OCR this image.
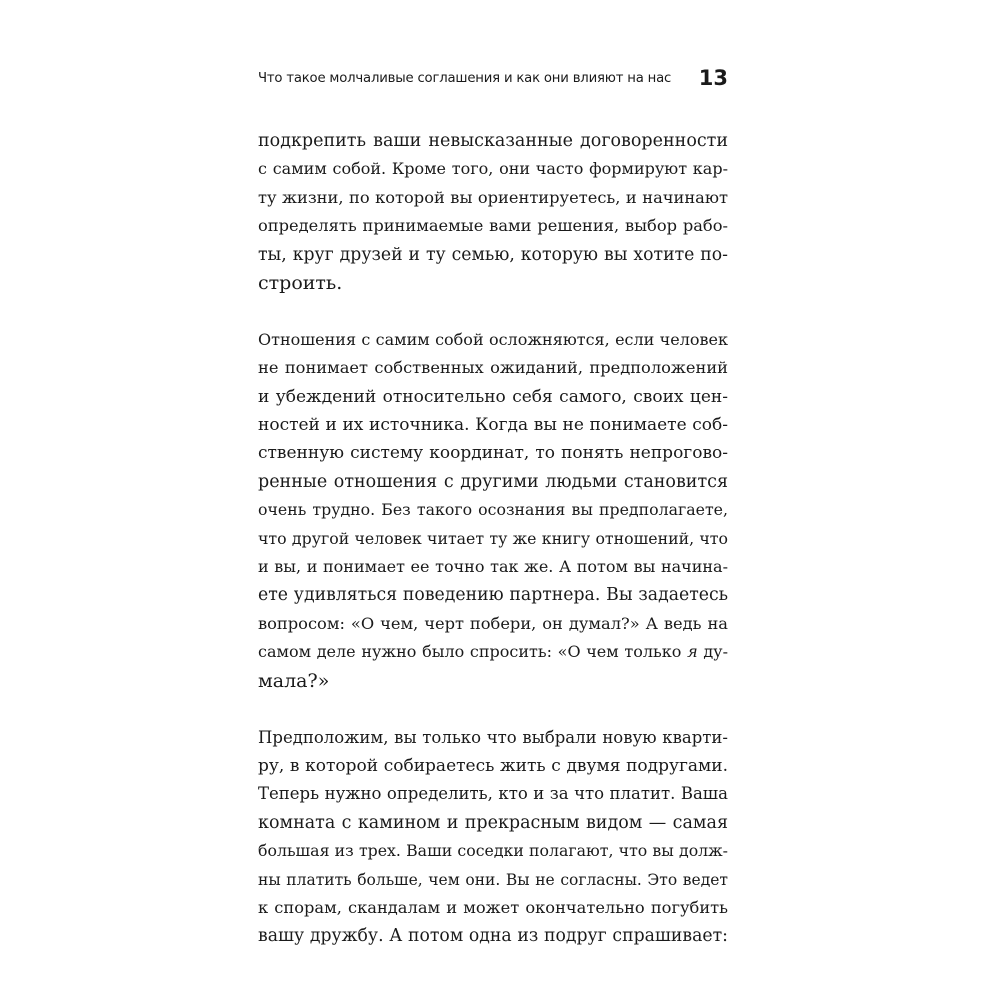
Что такое молчаливые соглашения и как они влияют на нас 13

подкрепить ваши невысказанные договоренности
с самим собой. Кроме того, они часто формируют кар-
ту жизни, по которой вы ориентируетесь, и начинают
определять принимаемые вами решения, выбор рабо-
ты, круг друзей и ту семью, которую вы хотите по-
строить.

Отношения с самим собой осложняются, если человек
не понимает собственных ожиданий, предположений
и убеждений относительно себя самого, своих цен-
ностей и их источника. Когда вы не понимаете соб-
ственную систему координат, то понять непрогово-
ренные отношения с другими людьми становится
очень трудно. Без такого осознания вы предполагаете,
что другой человек читает ту же книгу отношений, что
и вы, и понимает ее точно так же. А потом вы начина-
ете удивляться поведению партнера. Вы задаетесь
вопросом: «О чем, черт побери, он думал?» А ведь на
самом деле нужно было спросить: «О чем только я ду-
мала?»

Предположим, вы только что выбрали новую кварти-
ру, в которой собираетесь жить с двумя подругами.
Теперь нужно определить, кто и за что платит. Ваша
комната с камином и прекрасным видом — самая
большая из трех. Ваши соседки полагают, что вы долж-
ны платить больше, чем они. Вы не согласны. Это ведет
к спорам, скандалам и может окончательно погубить
вашу дружбу. А потом одна из подруг спрашивает:
